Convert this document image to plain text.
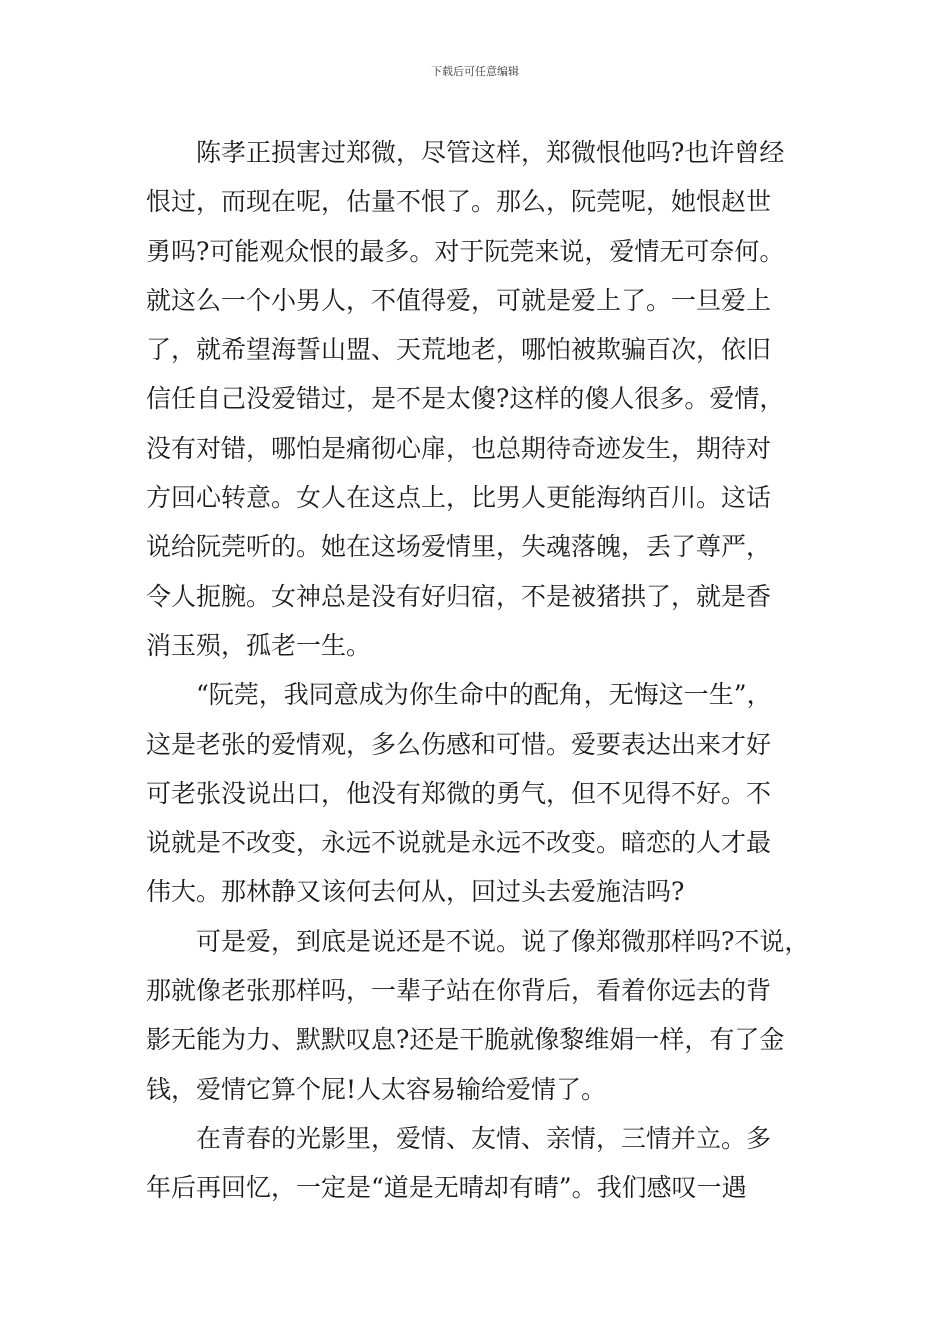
下载后可任意编辑
陈孝正损害过郑微，尽管这样，郑微恨他吗?也许曾经
恨过，而现在呢，估量不恨了。那么，阮莞呢，她恨赵世
勇吗?可能观众恨的最多。对于阮莞来说，爱情无可奈何。
就这么一个小男人，不值得爱，可就是爱上了。一旦爱上
了，就希望海誓山盟、天荒地老，哪怕被欺骗百次，依旧
信任自己没爱错过，是不是太傻?这样的傻人很多。爱情，
没有对错，哪怕是痛彻心扉，也总期待奇迹发生，期待对
方回心转意。女人在这点上，比男人更能海纳百川。这话
说给阮莞听的。她在这场爱情里，失魂落魄，丢了尊严，
令人扼腕。女神总是没有好归宿，不是被猪拱了，就是香
消玉殒，孤老一生。
“阮莞，我同意成为你生命中的配角，无悔这一生”，
这是老张的爱情观，多么伤感和可惜。爱要表达出来才好
可老张没说出口，他没有郑微的勇气，但不见得不好。不
说就是不改变，永远不说就是永远不改变。暗恋的人才最
伟大。那林静又该何去何从，回过头去爱施洁吗?
可是爱，到底是说还是不说。说了像郑微那样吗?不说，
那就像老张那样吗，一辈子站在你背后，看着你远去的背
影无能为力、默默叹息?还是干脆就像黎维娟一样，有了金
钱，爱情它算个屁!人太容易输给爱情了。
在青春的光影里，爱情、友情、亲情，三情并立。多
年后再回忆，一定是“道是无晴却有晴”。我们感叹一遇
